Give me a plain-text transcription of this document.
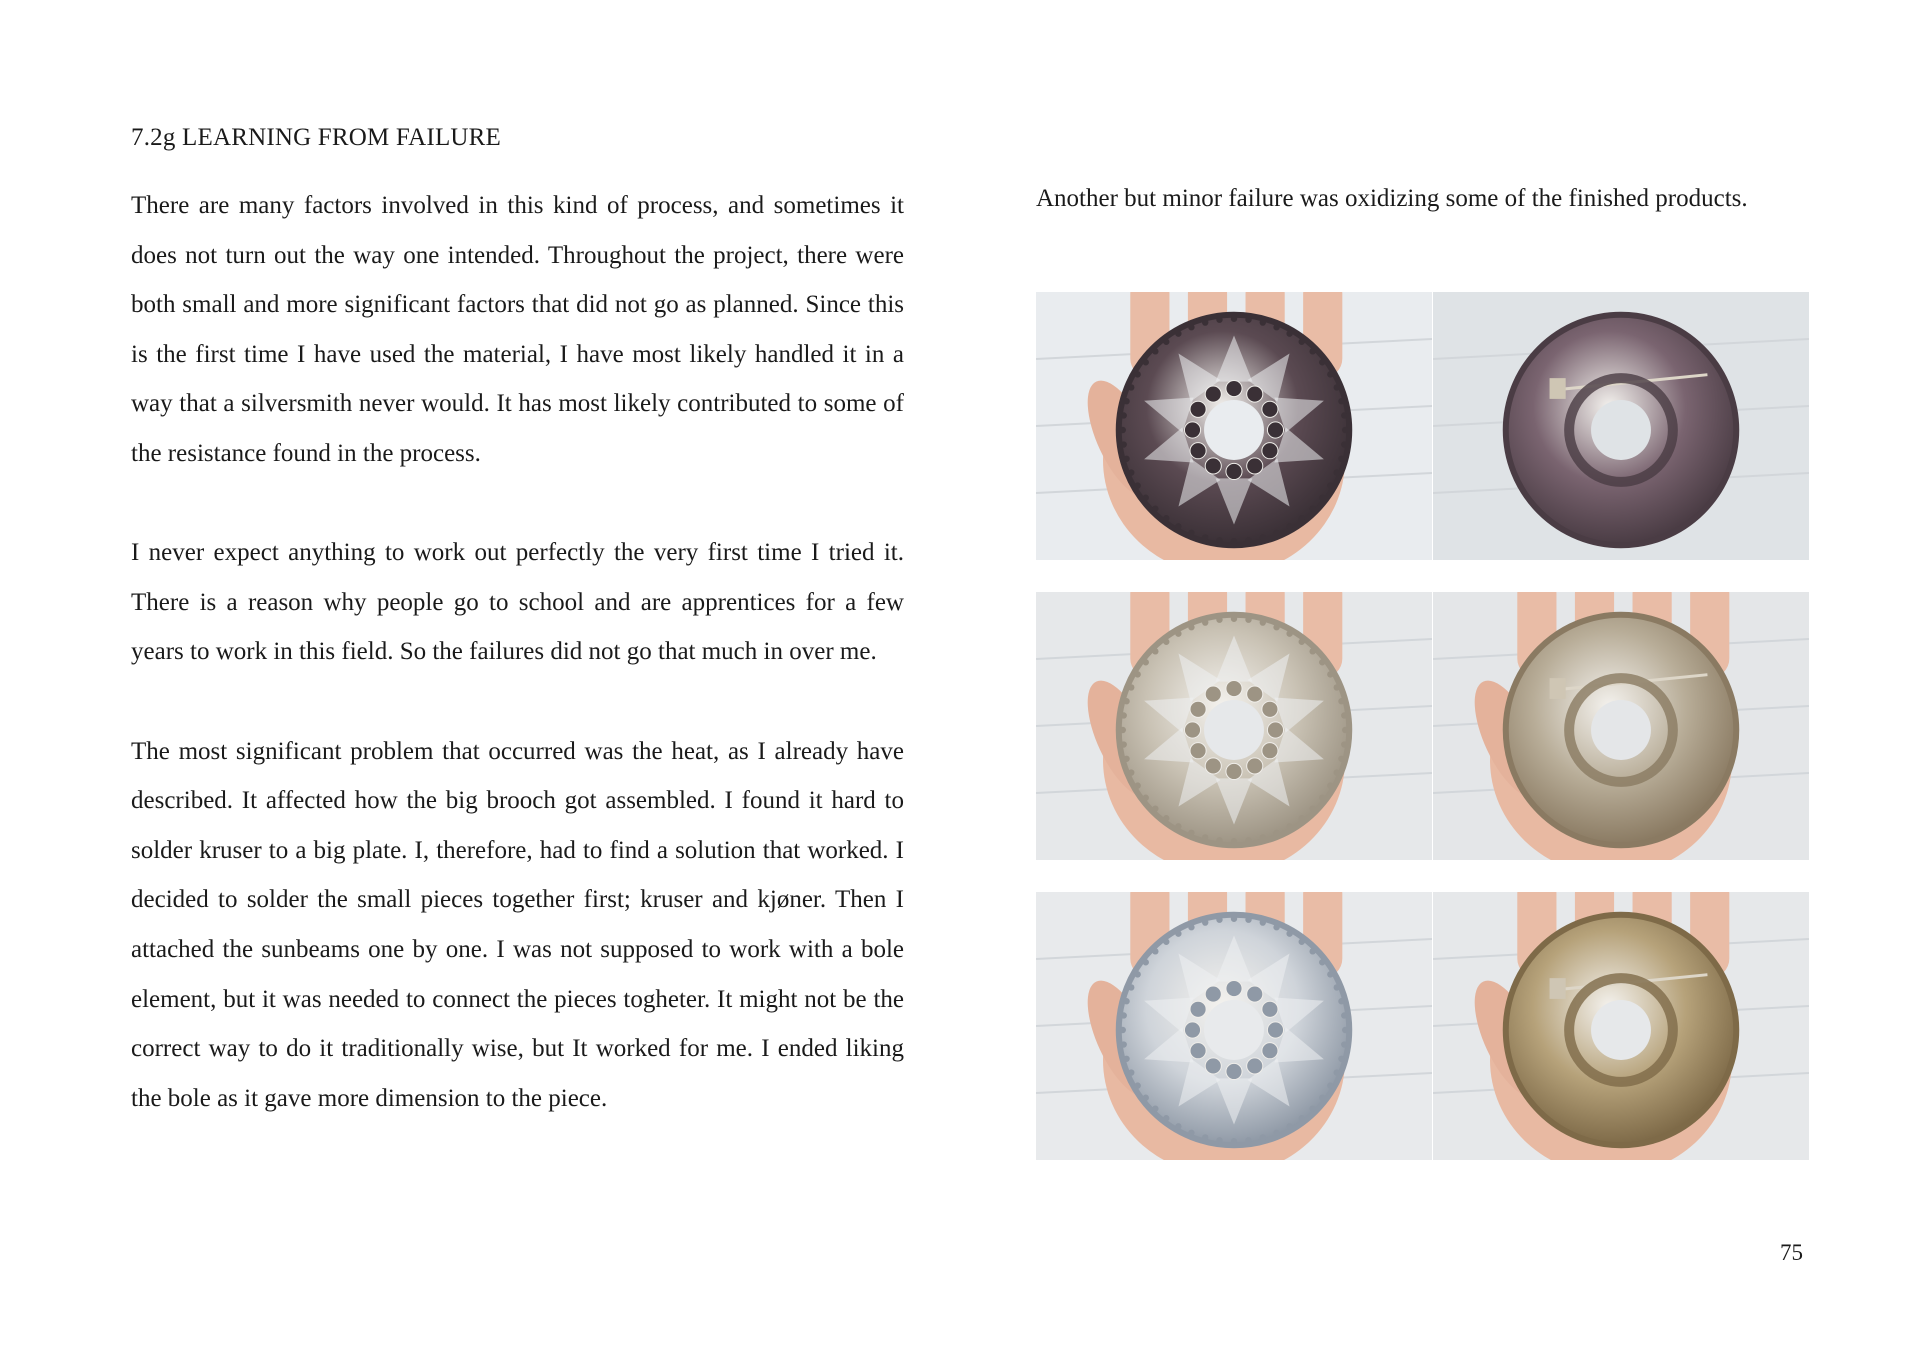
7.2g LEARNING FROM FAILURE

There are many factors involved in this kind of process, and sometimes it does not turn out the way one intended. Throughout the project, there were both small and more significant factors that did not go as planned. Since this is the first time I have used the material, I have most likely handled it in a way that a silversmith never would. It has most likely contributed to some of the resistance found in the process.

I never expect anything to work out perfectly the very first time I tried it. There is a reason why people go to school and are apprentices for a few years to work in this field. So the failures did not go that much in over me.

The most significant problem that occurred was the heat, as I already have described. It affected how the big brooch got assembled. I found it hard to solder kruser to a big plate. I, therefore, had to find a solution that worked. I decided to solder the small pieces together first; kruser and kjøner. Then I attached the sunbeams one by one. I was not supposed to work with a bole element, but it was needed to connect the pieces togheter. It might not be the correct way to do it traditionally wise, but It worked for me. I ended liking the bole as it gave more dimension to the piece.

Another but minor failure was oxidizing some of the finished products.

75
